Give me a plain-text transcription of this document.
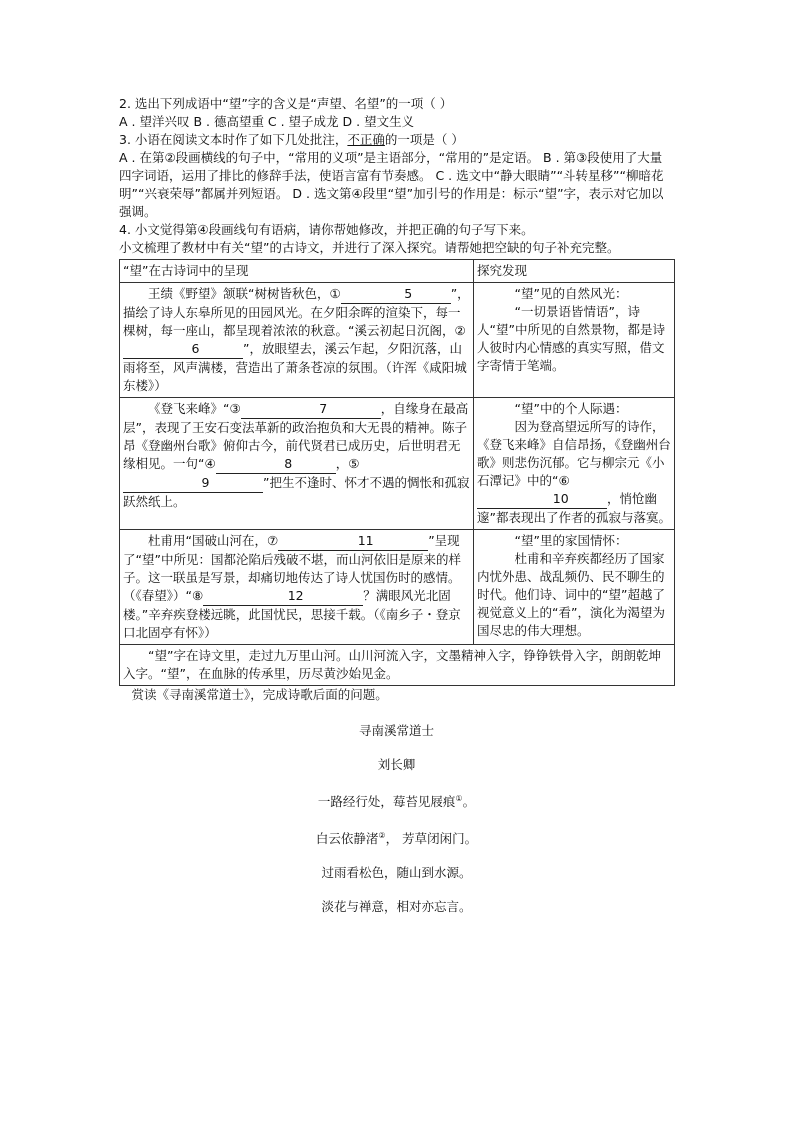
2. 选出下列成语中“望”字的含义是“声望、名望”的一项（ ）

A . 望洋兴叹 B . 德高望重 C . 望子成龙 D . 望文生义

3. 小语在阅读文本时作了如下几处批注，不正确的一项是（ ）

A . 在第②段画横线的句子中，“常用的义项”是主语部分，“常用的”是定语。 B . 第③段使用了大量四字词语，运用了排比的修辞手法，使语言富有节奏感。 C . 选文中“静大眼睛”“斗转星移”“柳暗花明”“兴衰荣辱”都属并列短语。 D . 选文第④段里“望”加引号的作用是：标示“望”字，表示对它加以强调。

4. 小文觉得第④段画线句有语病，请你帮她修改，并把正确的句子写下来。

小文梳理了教材中有关“望”的古诗文，并进行了深入探究。请帮她把空缺的句子补充完整。

“望”在古诗词中的呈现	探究发现
王绩《野望》颔联“树树皆秋色，① 5 ”，描绘了诗人东皋所见的田园风光。在夕阳余晖的渲染下，每一棵树，每一座山，都呈现着浓浓的秋意。“溪云初起日沉阁，②6 ”，放眼望去，溪云乍起，夕阳沉落，山雨将至，风声满楼，营造出了萧条苍凉的氛围。（许浑《咸阳城东楼》）	“望”见的自然风光：
“一切景语皆情语”，诗人“望”中所见的自然景物，都是诗人彼时内心情感的真实写照，借文字寄情于笔端。

《登飞来峰》“③ 7 ，自缘身在最高层”，表现了王安石变法革新的政治抱负和大无畏的精神。陈子昂《登幽州台歌》俯仰古今，前代贤君已成历史，后世明君无缘相见。一句“④ 8 ，⑤9 ”把生不逢时、怀才不遇的惆怅和孤寂跃然纸上。	“望”中的个人际遇：
因为登高望远所写的诗作，《登飞来峰》自信昂扬，《登幽州台歌》则悲伤沉郁。它与柳宗元《小石潭记》中的“⑥10 ，悄怆幽邃”都表现出了作者的孤寂与落寞。

杜甫用“国破山河在，⑦ 11 ”呈现了“望”中所见：国都沦陷后残破不堪，而山河依旧是原来的样子。这一联虽是写景，却痛切地传达了诗人忧国伤时的感情。（《春望》）“⑧ 12 ？满眼风光北固楼。”辛弃疾登楼远眺，此国忧民，思接千载。（《南乡子・登京口北固亭有怀》）	“望”里的家国情怀：
杜甫和辛弃疾都经历了国家内忧外患、战乱频仍、民不聊生的时代。他们诗、词中的“望”超越了视觉意义上的“看”，演化为渴望为国尽忠的伟大理想。

“望”字在诗文里，走过九万里山河。山川河流入字，文墨精神入字，铮铮铁骨入字，朗朗乾坤入字。“望”，在血脉的传承里，历尽黄沙始见金。	

赏读《寻南溪常道士》，完成诗歌后面的问题。

寻南溪常道士

刘长卿

一路经行处，莓苔见屐痕①。

白云依静渚②， 芳草闭闲门。

过雨看松色，随山到水源。

淡花与禅意，相对亦忘言。
